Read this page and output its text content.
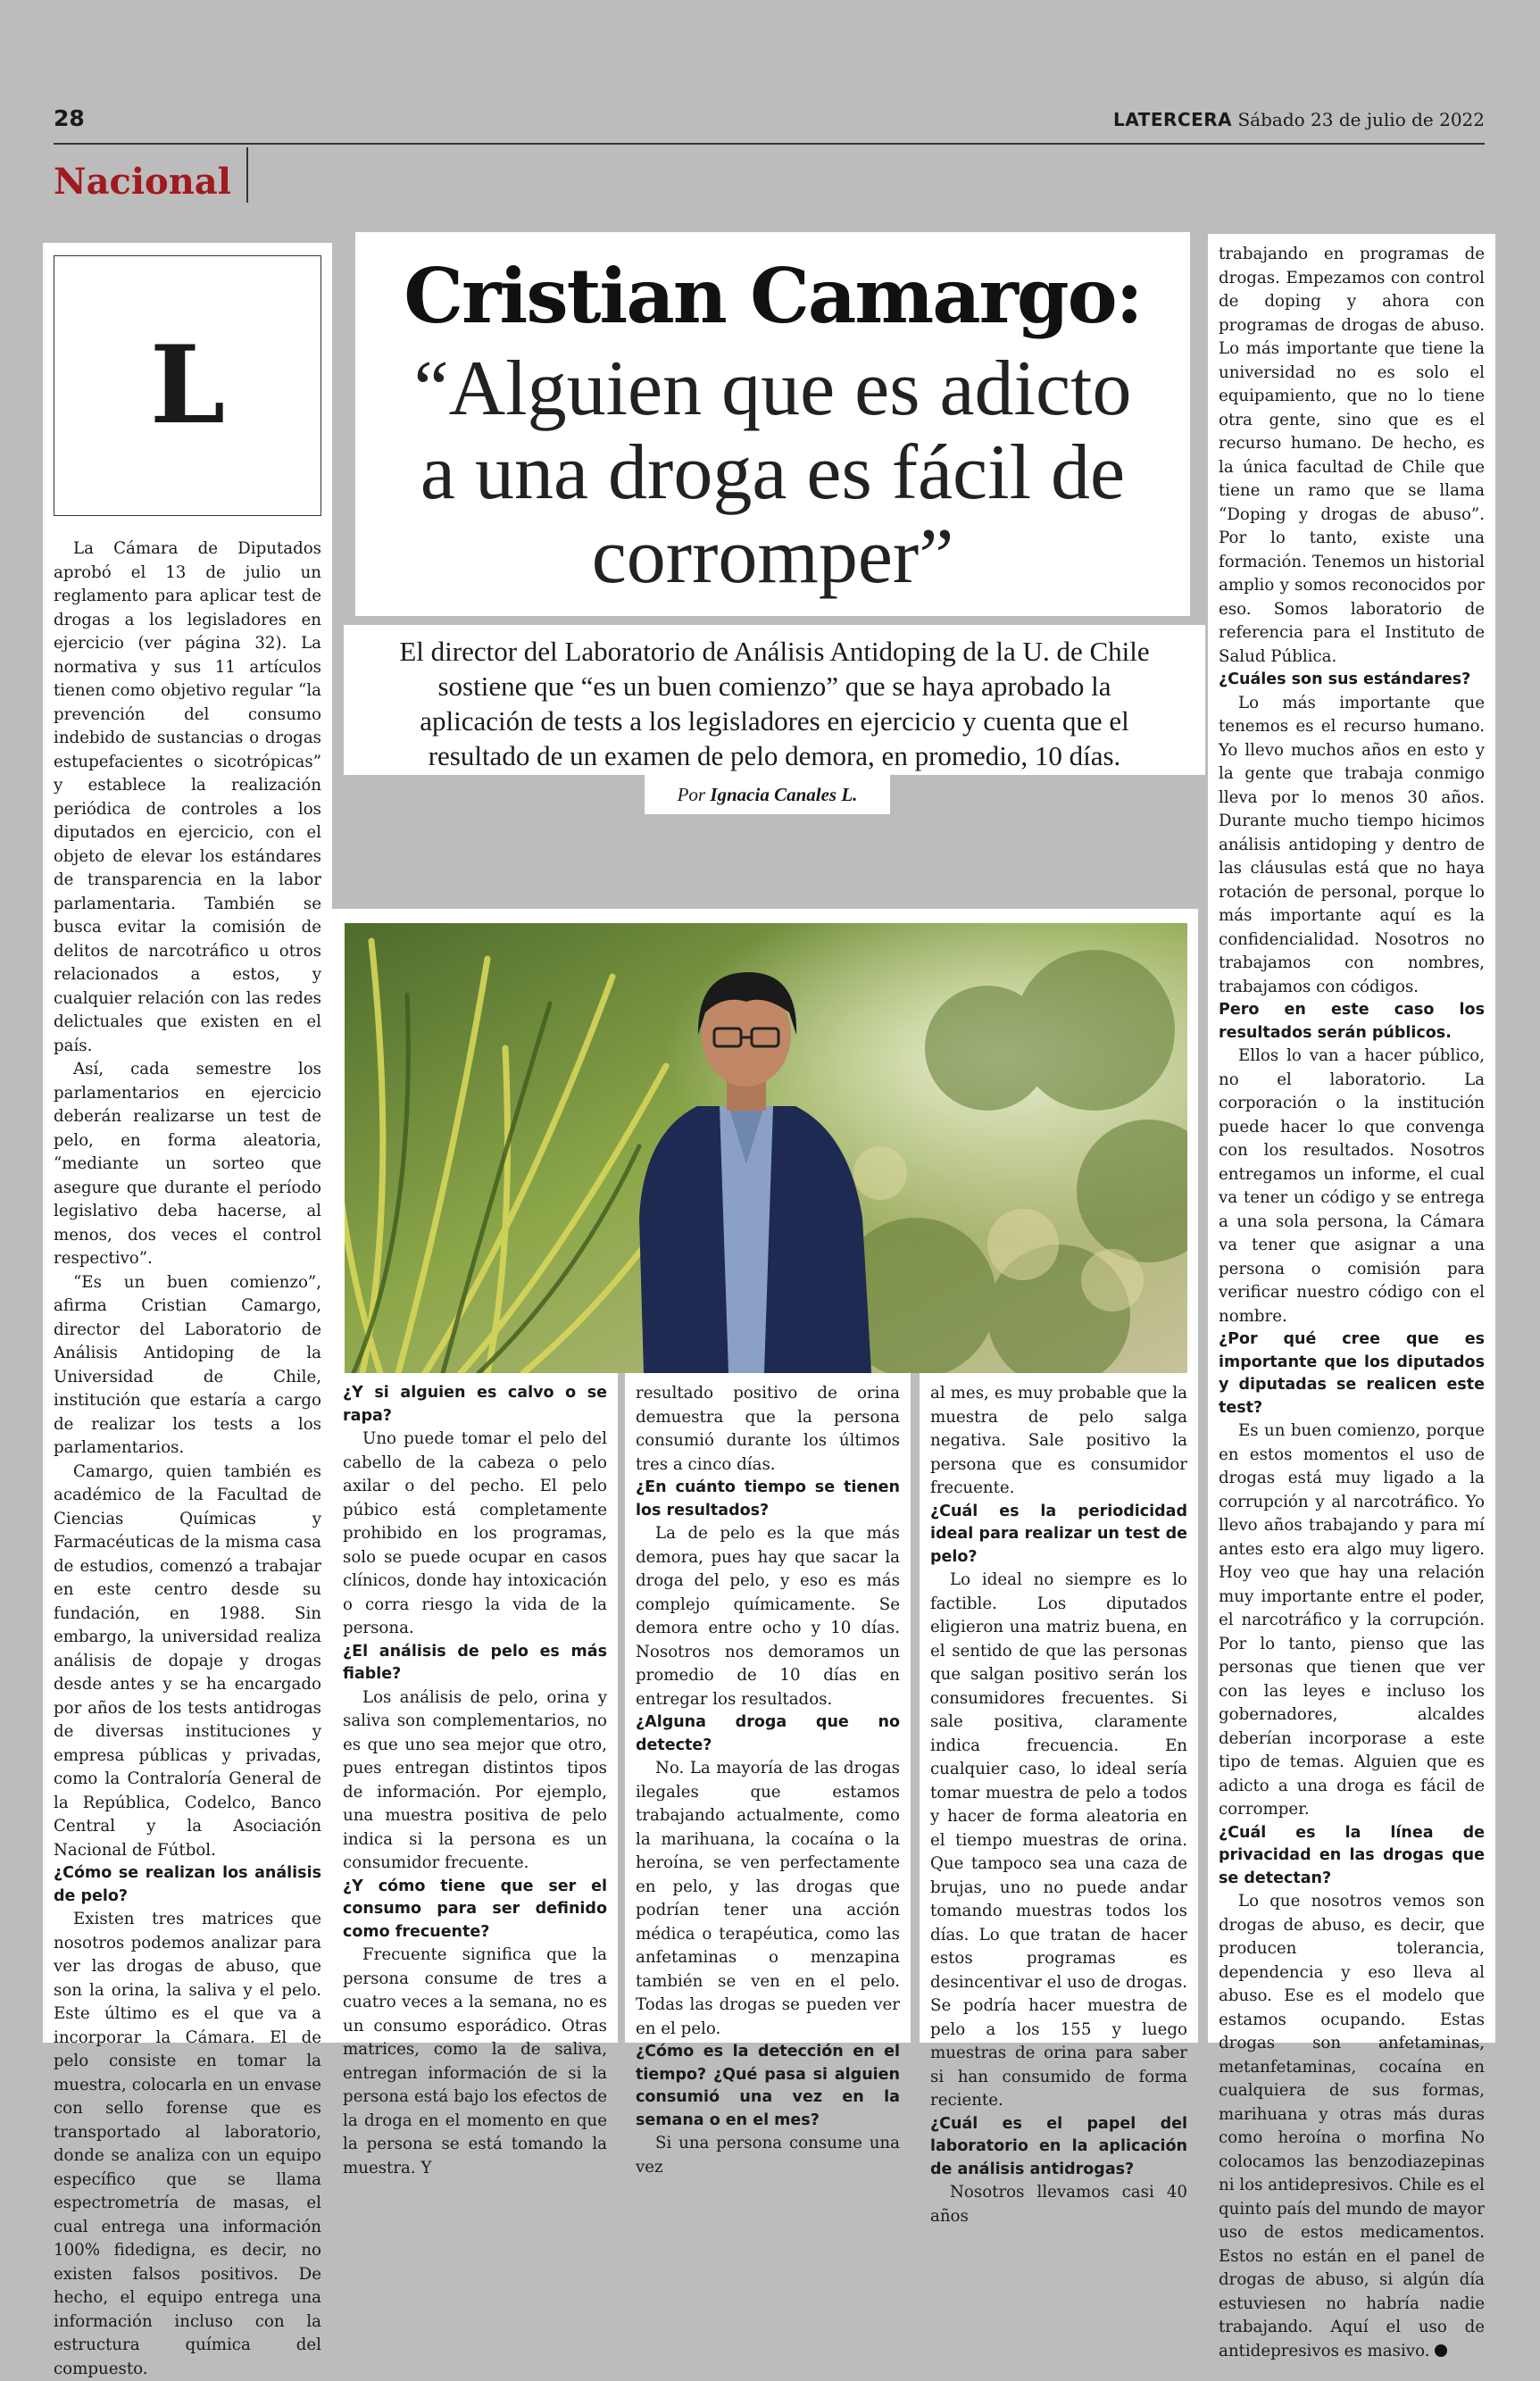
28	LATERCERA Sábado 23 de julio de 2022
Nacional
L

La Cámara de Diputados aprobó el 13 de julio un reglamento para aplicar test de drogas a los legisladores en ejercicio (ver página 32). La normativa y sus 11 artículos tienen como objetivo regular “la prevención del consumo indebido de sustancias o drogas estupefacientes o sicotrópicas” y establece la realización periódica de controles a los diputados en ejercicio, con el objeto de elevar los estándares de transparencia en la labor parlamentaria. También se busca evitar la comisión de delitos de narcotráfico u otros relacionados a estos, y cualquier relación con las redes delictuales que existen en el país.

Así, cada semestre los parlamentarios en ejercicio deberán realizarse un test de pelo, en forma aleatoria, “mediante un sorteo que asegure que durante el período legislativo deba hacerse, al menos, dos veces el control respectivo”.

“Es un buen comienzo”, afirma Cristian Camargo, director del Laboratorio de Análisis Antidoping de la Universidad de Chile, institución que estaría a cargo de realizar los tests a los parlamentarios.

Camargo, quien también es académico de la Facultad de Ciencias Químicas y Farmacéuticas de la misma casa de estudios, comenzó a trabajar en este centro desde su fundación, en 1988. Sin embargo, la universidad realiza análisis de dopaje y drogas desde antes y se ha encargado por años de los tests antidrogas de diversas instituciones y empresa públicas y privadas, como la Contraloría General de la República, Codelco, Banco Central y la Asociación Nacional de Fútbol.

¿Cómo se realizan los análisis de pelo?

Existen tres matrices que nosotros podemos analizar para ver las drogas de abuso, que son la orina, la saliva y el pelo. Este último es el que va a incorporar la Cámara. El de pelo consiste en tomar la muestra, colocarla en un envase con sello forense que es transportado al laboratorio, donde se analiza con un equipo específico que se llama espectrometría de masas, el cual entrega una información 100% fidedigna, es decir, no existen falsos positivos. De hecho, el equipo entrega una información incluso con la estructura química del compuesto.

Cristian Camargo:
“Alguien que es adicto
a una droga es fácil de
corromper”
El director del Laboratorio de Análisis Antidoping de la U. de Chile
sostiene que “es un buen comienzo” que se haya aprobado la
aplicación de tests a los legisladores en ejercicio y cuenta que el
resultado de un examen de pelo demora, en promedio, 10 días.
Por Ignacia Canales L.

¿Y si alguien es calvo o se rapa?

Uno puede tomar el pelo del cabello de la cabeza o pelo axilar o del pecho. El pelo púbico está completamente prohibido en los programas, solo se puede ocupar en casos clínicos, donde hay intoxicación o corra riesgo la vida de la persona.

¿El análisis de pelo es más fiable?

Los análisis de pelo, orina y saliva son complementarios, no es que uno sea mejor que otro, pues entregan distintos tipos de información. Por ejemplo, una muestra positiva de pelo indica si la persona es un consumidor frecuente.

¿Y cómo tiene que ser el consumo para ser definido como frecuente?

Frecuente significa que la persona consume de tres a cuatro veces a la semana, no es un consumo esporádico. Otras matrices, como la de saliva, entregan información de si la persona está bajo los efectos de la droga en el momento en que la persona se está tomando la muestra. Y

resultado positivo de orina demuestra que la persona consumió durante los últimos tres a cinco días.

¿En cuánto tiempo se tienen los resultados?

La de pelo es la que más demora, pues hay que sacar la droga del pelo, y eso es más complejo químicamente. Se demora entre ocho y 10 días. Nosotros nos demoramos un promedio de 10 días en entregar los resultados.

¿Alguna droga que no detecte?

No. La mayoría de las drogas ilegales que estamos trabajando actualmente, como la marihuana, la cocaína o la heroína, se ven perfectamente en pelo, y las drogas que podrían tener una acción médica o terapéutica, como las anfetaminas o menzapina también se ven en el pelo. Todas las drogas se pueden ver en el pelo.

¿Cómo es la detección en el tiempo? ¿Qué pasa si alguien consumió una vez en la semana o en el mes?

Si una persona consume una vez

al mes, es muy probable que la muestra de pelo salga negativa. Sale positivo la persona que es consumidor frecuente.

¿Cuál es la periodicidad ideal para realizar un test de pelo?

Lo ideal no siempre es lo factible. Los diputados eligieron una matriz buena, en el sentido de que las personas que salgan positivo serán los consumidores frecuentes. Si sale positiva, claramente indica frecuencia. En cualquier caso, lo ideal sería tomar muestra de pelo a todos y hacer de forma aleatoria en el tiempo muestras de orina. Que tampoco sea una caza de brujas, uno no puede andar tomando muestras todos los días. Lo que tratan de hacer estos programas es desincentivar el uso de drogas. Se podría hacer muestra de pelo a los 155 y luego muestras de orina para saber si han consumido de forma reciente.

¿Cuál es el papel del laboratorio en la aplicación de análisis antidrogas?

Nosotros llevamos casi 40 años

trabajando en programas de drogas. Empezamos con control de doping y ahora con programas de drogas de abuso. Lo más importante que tiene la universidad no es solo el equipamiento, que no lo tiene otra gente, sino que es el recurso humano. De hecho, es la única facultad de Chile que tiene un ramo que se llama “Doping y drogas de abuso”. Por lo tanto, existe una formación. Tenemos un historial amplio y somos reconocidos por eso. Somos laboratorio de referencia para el Instituto de Salud Pública.

¿Cuáles son sus estándares?

Lo más importante que tenemos es el recurso humano. Yo llevo muchos años en esto y la gente que trabaja conmigo lleva por lo menos 30 años. Durante mucho tiempo hicimos análisis antidoping y dentro de las cláusulas está que no haya rotación de personal, porque lo más importante aquí es la confidencialidad. Nosotros no trabajamos con nombres, trabajamos con códigos.

Pero en este caso los resultados serán públicos.

Ellos lo van a hacer público, no el laboratorio. La corporación o la institución puede hacer lo que convenga con los resultados. Nosotros entregamos un informe, el cual va tener un código y se entrega a una sola persona, la Cámara va tener que asignar a una persona o comisión para verificar nuestro código con el nombre.

¿Por qué cree que es importante que los diputados y diputadas se realicen este test?

Es un buen comienzo, porque en estos momentos el uso de drogas está muy ligado a la corrupción y al narcotráfico. Yo llevo años trabajando y para mí antes esto era algo muy ligero. Hoy veo que hay una relación muy importante entre el poder, el narcotráfico y la corrupción. Por lo tanto, pienso que las personas que tienen que ver con las leyes e incluso los gobernadores, alcaldes deberían incorporase a este tipo de temas. Alguien que es adicto a una droga es fácil de corromper.

¿Cuál es la línea de privacidad en las drogas que se detectan?

Lo que nosotros vemos son drogas de abuso, es decir, que producen tolerancia, dependencia y eso lleva al abuso. Ese es el modelo que estamos ocupando. Estas drogas son anfetaminas, metanfetaminas, cocaína en cualquiera de sus formas, marihuana y otras más duras como heroína o morfina No colocamos las benzodiazepinas ni los antidepresivos. Chile es el quinto país del mundo de mayor uso de estos medicamentos. Estos no están en el panel de drogas de abuso, si algún día estuviesen no habría nadie trabajando. Aquí el uso de antidepresivos es masivo.
